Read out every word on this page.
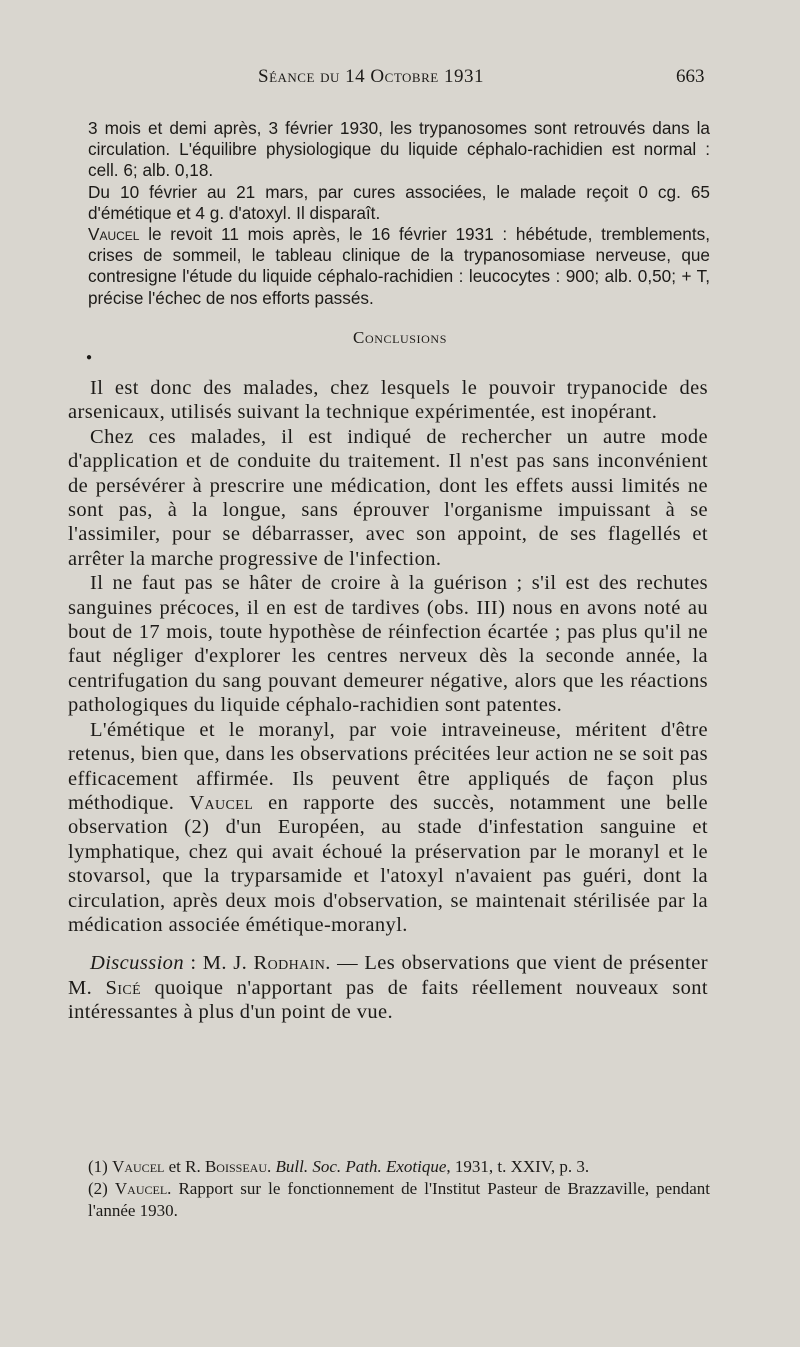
Séance du 14 Octobre 1931	663

3 mois et demi après, 3 février 1930, les trypanosomes sont retrouvés dans la circulation. L'équilibre physiologique du liquide céphalo-rachidien est normal : cell. 6; alb. 0,18.

Du 10 février au 21 mars, par cures associées, le malade reçoit 0 cg. 65 d'émétique et 4 g. d'atoxyl. Il disparaît.

Vaucel le revoit 11 mois après, le 16 février 1931 : hébétude, tremblements, crises de sommeil, le tableau clinique de la trypanosomiase nerveuse, que contresigne l'étude du liquide céphalo-rachidien : leucocytes : 900; alb. 0,50; + T, précise l'échec de nos efforts passés.

Conclusions
●

Il est donc des malades, chez lesquels le pouvoir trypanocide des arsenicaux, utilisés suivant la technique expérimentée, est inopérant.

Chez ces malades, il est indiqué de rechercher un autre mode d'application et de conduite du traitement. Il n'est pas sans inconvénient de persévérer à prescrire une médication, dont les effets aussi limités ne sont pas, à la longue, sans éprouver l'organisme impuissant à se l'assimiler, pour se débarrasser, avec son appoint, de ses flagellés et arrêter la marche progressive de l'infection.

Il ne faut pas se hâter de croire à la guérison ; s'il est des rechutes sanguines précoces, il en est de tardives (obs. III) nous en avons noté au bout de 17 mois, toute hypothèse de réinfection écartée ; pas plus qu'il ne faut négliger d'explorer les centres nerveux dès la seconde année, la centrifugation du sang pouvant demeurer négative, alors que les réactions pathologiques du liquide céphalo-rachidien sont patentes.

L'émétique et le moranyl, par voie intraveineuse, méritent d'être retenus, bien que, dans les observations précitées leur action ne se soit pas efficacement affirmée. Ils peuvent être appliqués de façon plus méthodique. Vaucel en rapporte des succès, notamment une belle observation (2) d'un Européen, au stade d'infestation sanguine et lymphatique, chez qui avait échoué la préservation par le moranyl et le stovarsol, que la tryparsamide et l'atoxyl n'avaient pas guéri, dont la circulation, après deux mois d'observation, se maintenait stérilisée par la médication associée émétique-moranyl.

Discussion : M. J. Rodhain. — Les observations que vient de présenter M. Sicé quoique n'apportant pas de faits réellement nouveaux sont intéressantes à plus d'un point de vue.

(1) Vaucel et R. Boisseau. Bull. Soc. Path. Exotique, 1931, t. XXIV, p. 3.

(2) Vaucel. Rapport sur le fonctionnement de l'Institut Pasteur de Brazzaville, pendant l'année 1930.
